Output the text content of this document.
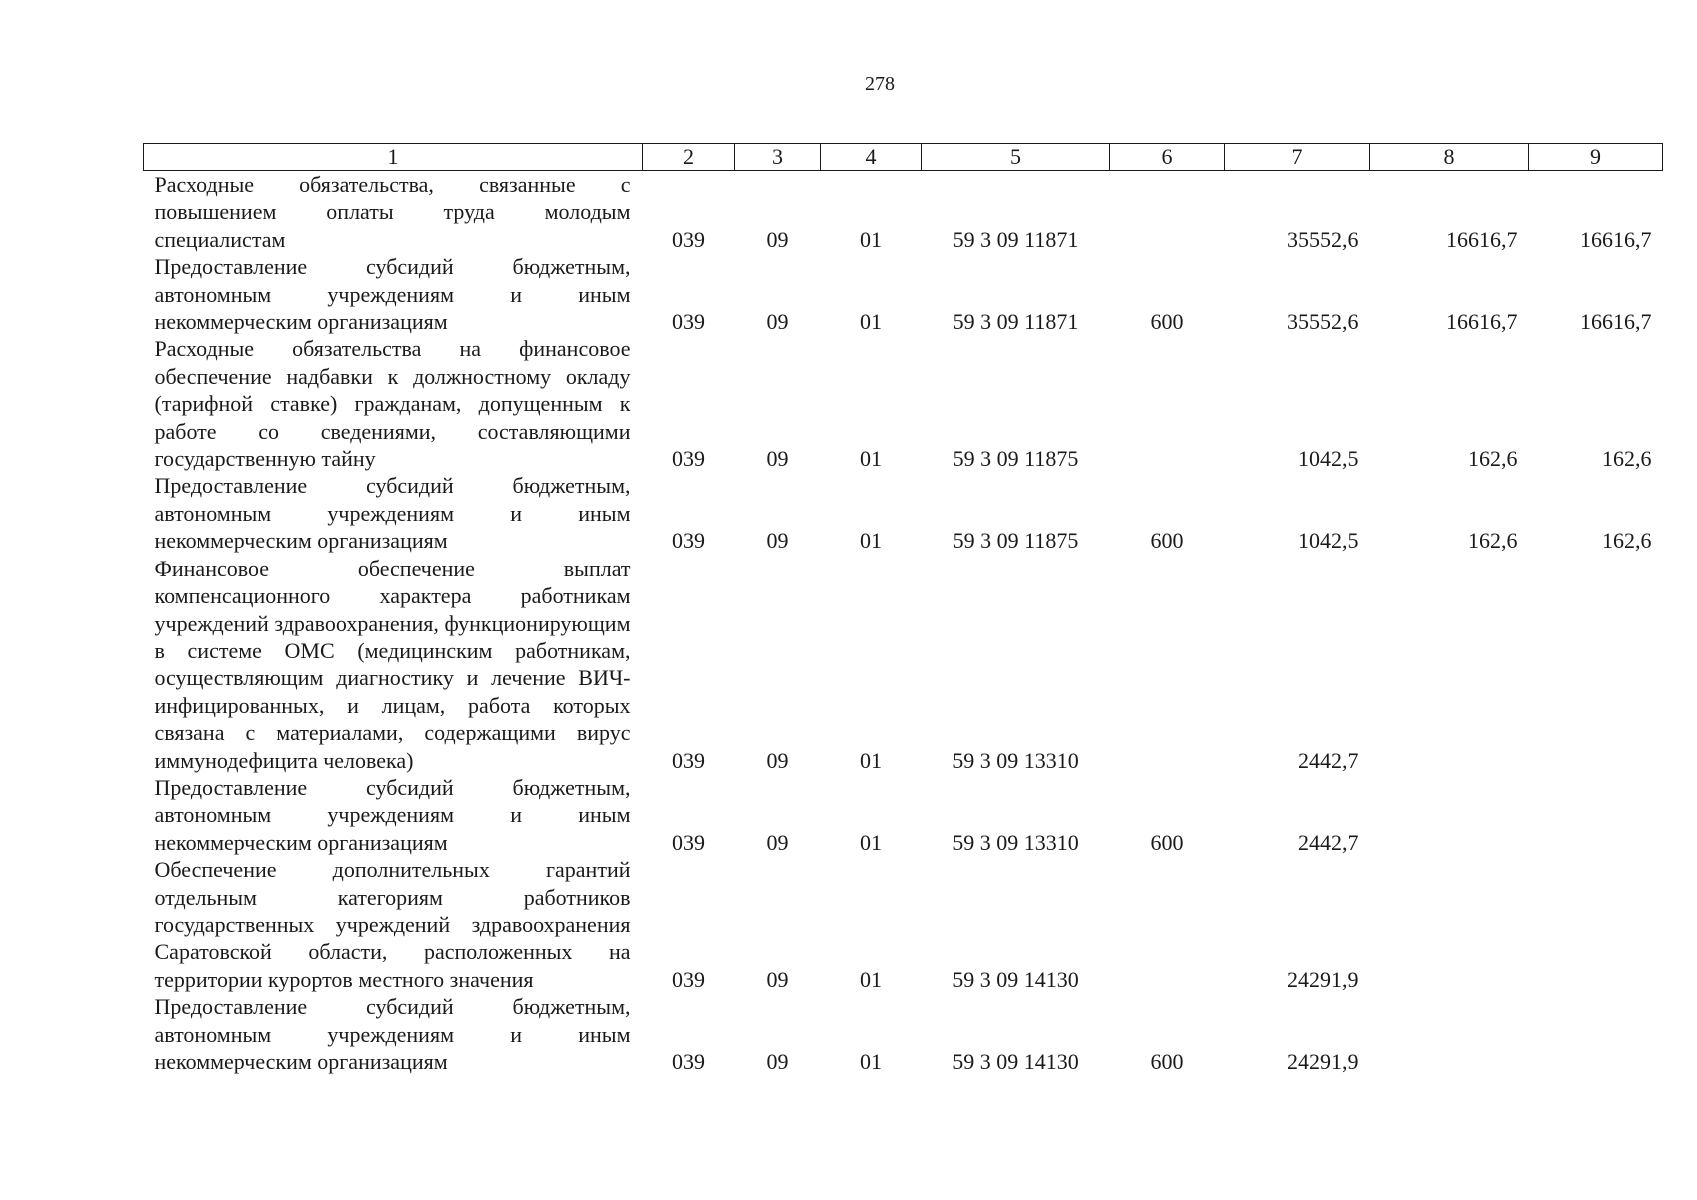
278
1	2	3	4	5	6	7	8	9
Расходные обязательства, связанные с повышением оплаты труда молодым специалистам	039	09	01	59 3 09 11871		35552,6	16616,7	16616,7
Предоставление субсидий бюджетным, автономным учреждениям и иным некоммерческим организациям	039	09	01	59 3 09 11871	600	35552,6	16616,7	16616,7
Расходные обязательства на финансовое обеспечение надбавки к должностному окладу (тарифной ставке) гражданам, допущенным к работе со сведениями, составляющими государственную тайну	039	09	01	59 3 09 11875		1042,5	162,6	162,6
Предоставление субсидий бюджетным, автономным учреждениям и иным некоммерческим организациям	039	09	01	59 3 09 11875	600	1042,5	162,6	162,6
Финансовое обеспечение выплат компенсационного характера работникам учреждений здравоохранения, функционирующим в системе ОМС (медицинским работникам, осуществляющим диагностику и лечение ВИЧ-инфицированных, и лицам, работа которых связана с материалами, содержащими вирус иммунодефицита человека)	039	09	01	59 3 09 13310		2442,7		
Предоставление субсидий бюджетным, автономным учреждениям и иным некоммерческим организациям	039	09	01	59 3 09 13310	600	2442,7		
Обеспечение дополнительных гарантий отдельным категориям работников государственных учреждений здравоохранения Саратовской области, расположенных на территории курортов местного значения	039	09	01	59 3 09 14130		24291,9		
Предоставление субсидий бюджетным, автономным учреждениям и иным некоммерческим организациям	039	09	01	59 3 09 14130	600	24291,9		
